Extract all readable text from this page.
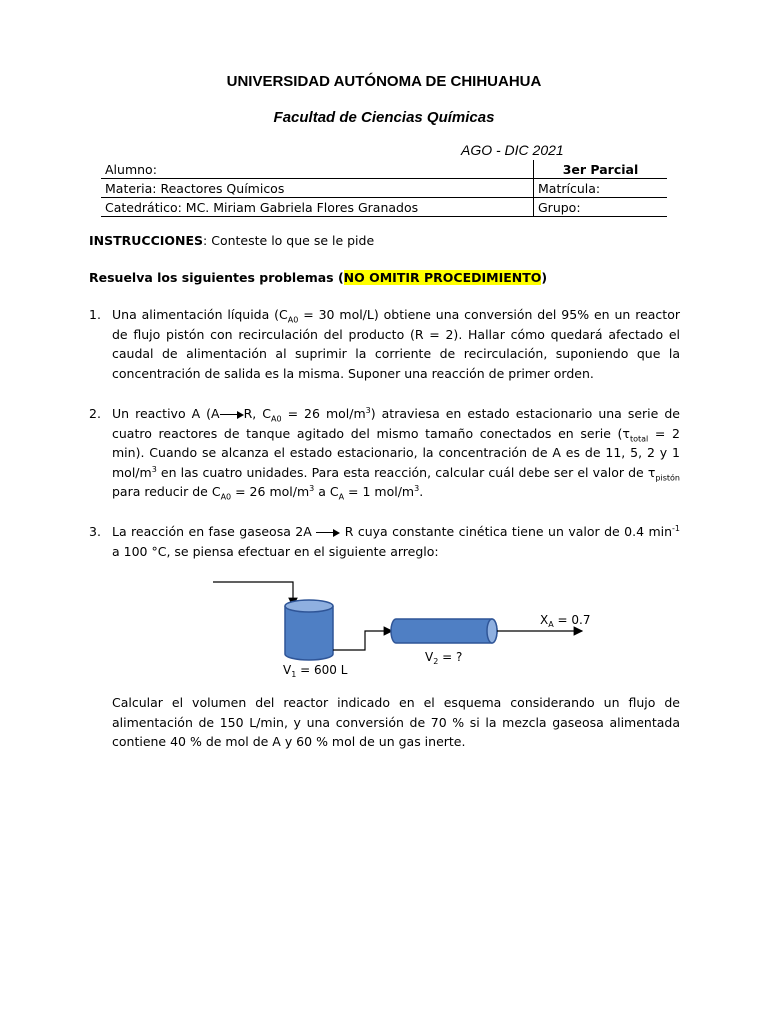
UNIVERSIDAD AUTÓNOMA DE CHIHUAHUA
Facultad de Ciencias Químicas
AGO - DIC 2021
Alumno:	3er Parcial
Materia: Reactores Químicos	Matrícula:
Catedrático: MC. Miriam Gabriela Flores Granados	Grupo:
INSTRUCCIONES: Conteste lo que se le pide
Resuelva los siguientes problemas (NO OMITIR PROCEDIMIENTO)
1. Una alimentación líquida ($C_{A0} = 30$ mol/L) obtiene una conversión del 95% en un reactor de flujo pistón con recirculación del producto (R = 2). Hallar cómo quedará afectado el caudal de alimentación al suprimir la corriente de recirculación, suponiendo que la concentración de salida es la misma. Suponer una reacción de primer orden.
2. Un reactivo A (A R, $C_{A0} = 26$ mol/$m^3$) atraviesa en estado estacionario una serie de cuatro reactores de tanque agitado del mismo tamaño conectados en serie ($\tau_{total} = 2$ min). Cuando se alcanza el estado estacionario, la concentración de A es de 11, 5, 2 y 1 mol/$m^3$ en las cuatro unidades. Para esta reacción, calcular cuál debe ser el valor de $\tau_{pistón}$ para reducir de $C_{A0} = 26$ mol/$m^3$ a $C_A = 1$ mol/$m^3$.
3. La reacción en fase gaseosa 2A	R cuya constante cinética tiene un valor de 0.4 $\min^{-1} a$ 100 °C, se piensa efectuar en el siguiente arreglo:
$X_A = 0.7$
$V_2$ = ?
$V_1 = 600$ L
Calcular el volumen del reactor indicado en el esquema considerando un flujo de alimentación de 150 L/min, y una conversión de 70 % si la mezcla gaseosa alimentada contiene 40 % de mol de A y 60 % mol de un gas inerte.
